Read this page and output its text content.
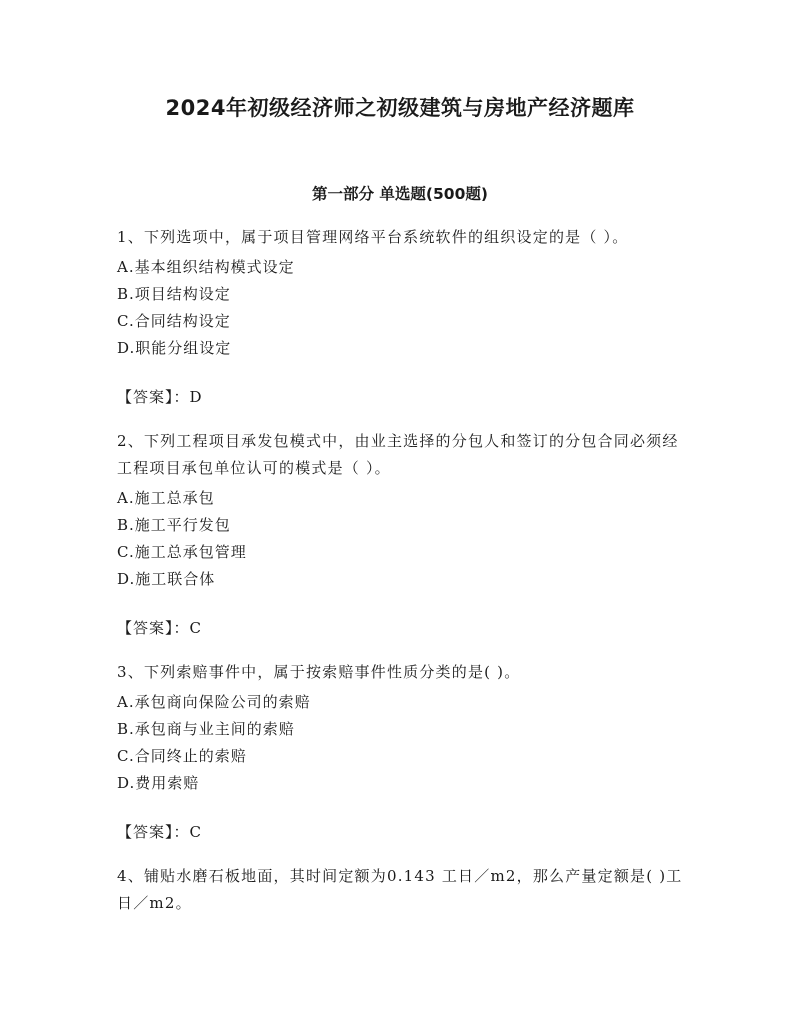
2024年初级经济师之初级建筑与房地产经济题库
第一部分 单选题(500题)

1、下列选项中，属于项目管理网络平台系统软件的组织设定的是（ ）。

A.基本组织结构模式设定

B.项目结构设定

C.合同结构设定

D.职能分组设定

【答案】：D

2、下列工程项目承发包模式中，由业主选择的分包人和签订的分包合同必须经工程项目承包单位认可的模式是（ ）。

A.施工总承包

B.施工平行发包

C.施工总承包管理

D.施工联合体

【答案】：C

3、下列索赔事件中，属于按索赔事件性质分类的是( )。

A.承包商向保险公司的索赔

B.承包商与业主间的索赔

C.合同终止的索赔

D.费用索赔

【答案】：C

4、铺贴水磨石板地面，其时间定额为0.143 工日／m2，那么产量定额是( )工日／m2。
